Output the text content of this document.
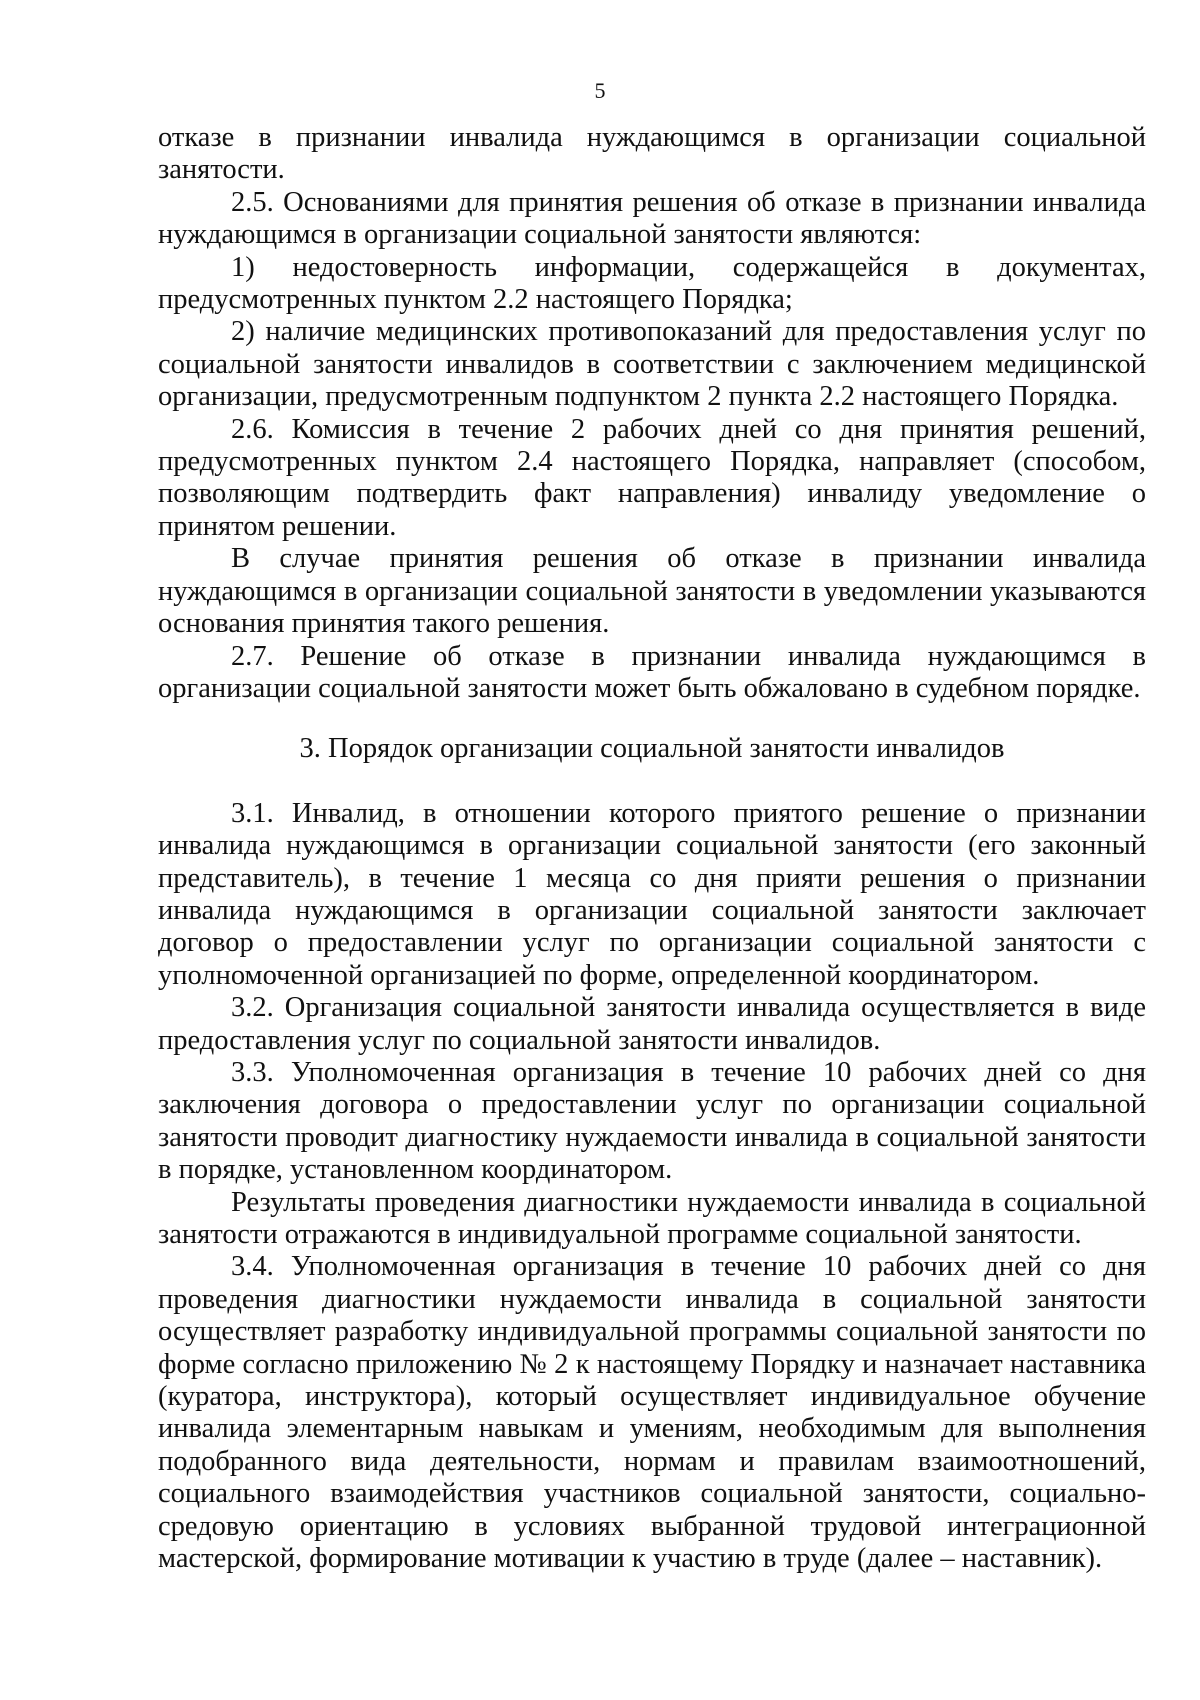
5

отказе в признании инвалида нуждающимся в организации социальной занятости.

2.5. Основаниями для принятия решения об отказе в признании инвалида нуждающимся в организации социальной занятости являются:

1) недостоверность информации, содержащейся в документах, предусмотренных пунктом 2.2 настоящего Порядка;

2) наличие медицинских противопоказаний для предоставления услуг по социальной занятости инвалидов в соответствии с заключением медицинской организации, предусмотренным подпунктом 2 пункта 2.2 настоящего Порядка.

2.6. Комиссия в течение 2 рабочих дней со дня принятия решений, предусмотренных пунктом 2.4 настоящего Порядка, направляет (способом, позволяющим подтвердить факт направления) инвалиду уведомление о принятом решении.

В случае принятия решения об отказе в признании инвалида нуждающимся в организации социальной занятости в уведомлении указываются основания принятия такого решения.

2.7. Решение об отказе в признании инвалида нуждающимся в организации социальной занятости может быть обжаловано в судебном порядке.

3. Порядок организации социальной занятости инвалидов

3.1. Инвалид, в отношении которого приятого решение о признании инвалида нуждающимся в организации социальной занятости (его законный представитель), в течение 1 месяца со дня прияти решения о признании инвалида нуждающимся в организации социальной занятости заключает договор о предоставлении услуг по организации социальной занятости с уполномоченной организацией по форме, определенной координатором.

3.2. Организация социальной занятости инвалида осуществляется в виде предоставления услуг по социальной занятости инвалидов.

3.3. Уполномоченная организация в течение 10 рабочих дней со дня заключения договора о предоставлении услуг по организации социальной занятости проводит диагностику нуждаемости инвалида в социальной занятости в порядке, установленном координатором.

Результаты проведения диагностики нуждаемости инвалида в социальной занятости отражаются в индивидуальной программе социальной занятости.

3.4. Уполномоченная организация в течение 10 рабочих дней со дня проведения диагностики нуждаемости инвалида в социальной занятости осуществляет разработку индивидуальной программы социальной занятости по форме согласно приложению № 2 к настоящему Порядку и назначает наставника (куратора, инструктора), который осуществляет индивидуальное обучение инвалида элементарным навыкам и умениям, необходимым для выполнения подобранного вида деятельности, нормам и правилам взаимоотношений, социального взаимодействия участников социальной занятости, социально-средовую ориентацию в условиях выбранной трудовой интеграционной мастерской, формирование мотивации к участию в труде (далее – наставник).
